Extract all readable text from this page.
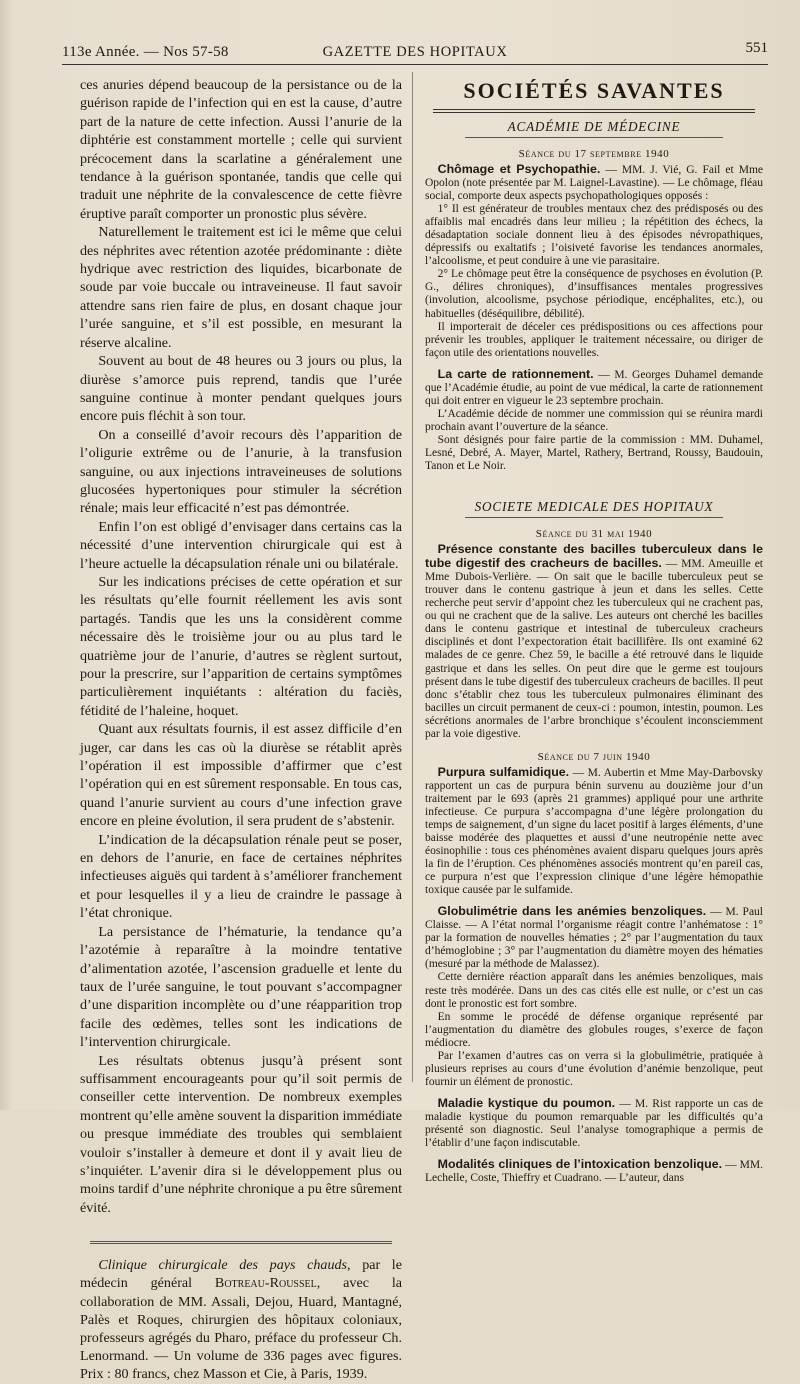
113e Année. — Nos 57-58	GAZETTE DES HOPITAUX	551

ces anuries dépend beaucoup de la persistance ou de la guérison rapide de l’infection qui en est la cause, d’autre part de la nature de cette infection. Aussi l’anurie de la diphtérie est constamment mortelle ; celle qui survient précocement dans la scarlatine a généralement une tendance à la guérison spontanée, tandis que celle qui traduit une néphrite de la convalescence de cette fièvre éruptive paraît comporter un pronostic plus sévère.

Naturellement le traitement est ici le même que celui des néphrites avec rétention azotée prédominante : diète hydrique avec restriction des liquides, bicarbonate de soude par voie buccale ou intraveineuse. Il faut savoir attendre sans rien faire de plus, en dosant chaque jour l’urée sanguine, et s’il est possible, en mesurant la réserve alcaline.

Souvent au bout de 48 heures ou 3 jours ou plus, la diurèse s’amorce puis reprend, tandis que l’urée sanguine continue à monter pendant quelques jours encore puis fléchit à son tour.

On a conseillé d’avoir recours dès l’apparition de l’oligurie extrême ou de l’anurie, à la transfusion sanguine, ou aux injections intraveineuses de solutions glucosées hypertoniques pour stimuler la sécrétion rénale; mais leur efficacité n’est pas démontrée.

Enfin l’on est obligé d’envisager dans certains cas la nécessité d’une intervention chirurgicale qui est à l’heure actuelle la décapsulation rénale uni ou bilatérale.

Sur les indications précises de cette opération et sur les résultats qu’elle fournit réellement les avis sont partagés. Tandis que les uns la considèrent comme nécessaire dès le troisième jour ou au plus tard le quatrième jour de l’anurie, d’autres se règlent surtout, pour la prescrire, sur l’apparition de certains symptômes particulièrement inquiétants : altération du faciès, fétidité de l’haleine, hoquet.

Quant aux résultats fournis, il est assez difficile d’en juger, car dans les cas où la diurèse se rétablit après l’opération il est impossible d’affirmer que c’est l’opération qui en est sûrement responsable. En tous cas, quand l’anurie survient au cours d’une infection grave encore en pleine évolution, il sera prudent de s’abstenir.

L’indication de la décapsulation rénale peut se poser, en dehors de l’anurie, en face de certaines néphrites infectieuses aiguës qui tardent à s’améliorer franchement et pour lesquelles il y a lieu de craindre le passage à l’état chronique.

La persistance de l’hématurie, la tendance qu’a l’azotémie à reparaître à la moindre tentative d’alimentation azotée, l’ascension graduelle et lente du taux de l’urée sanguine, le tout pouvant s’accompagner d’une disparition incomplète ou d’une réapparition trop facile des œdèmes, telles sont les indications de l’intervention chirurgicale.

Les résultats obtenus jusqu’à présent sont suffisamment encourageants pour qu’il soit permis de conseiller cette intervention. De nombreux exemples montrent qu’elle amène souvent la disparition immédiate ou presque immédiate des troubles qui semblaient vouloir s’installer à demeure et dont il y avait lieu de s’inquiéter. L’avenir dira si le développement plus ou moins tardif d’une néphrite chronique a pu être sûrement évité.

Clinique chirurgicale des pays chauds, par le médecin général Botreau-Roussel, avec la collaboration de MM. Assali, Dejou, Huard, Mantagné, Palès et Roques, chirurgien des hôpitaux coloniaux, professeurs agrégés du Pharo, préface du professeur Ch. Lenormand. — Un volume de 336 pages avec figures. Prix : 80 francs, chez Masson et Cie, à Paris, 1939.

SOCIÉTÉS SAVANTES
ACADÉMIE DE MÉDECINE
Séance du 17 septembre 1940

Chômage et Psychopathie. — MM. J. Vié, G. Fail et Mme Opolon (note présentée par M. Laignel-Lavastine). — Le chômage, fléau social, comporte deux aspects psychopathologiques opposés :

1° Il est générateur de troubles mentaux chez des prédisposés ou des affaiblis mal encadrés dans leur milieu ; la répétition des échecs, la désadaptation sociale donnent lieu à des épisodes névropathiques, dépressifs ou exaltatifs ; l’oisiveté favorise les tendances anormales, l’alcoolisme, et peut conduire à une vie parasitaire.

2° Le chômage peut être la conséquence de psychoses en évolution (P. G., délires chroniques), d’insuffisances mentales progressives (involution, alcoolisme, psychose périodique, encéphalites, etc.), ou habituelles (déséquilibre, débilité).

Il importerait de déceler ces prédispositions ou ces affections pour prévenir les troubles, appliquer le traitement nécessaire, ou diriger de façon utile des orientations nouvelles.

La carte de rationnement. — M. Georges Duhamel demande que l’Académie étudie, au point de vue médical, la carte de rationnement qui doit entrer en vigueur le 23 septembre prochain.

L’Académie décide de nommer une commission qui se réunira mardi prochain avant l’ouverture de la séance.

Sont désignés pour faire partie de la commission : MM. Duhamel, Lesné, Debré, A. Mayer, Martel, Rathery, Bertrand, Roussy, Baudouin, Tanon et Le Noir.

SOCIETE MEDICALE DES HOPITAUX
Séance du 31 mai 1940

Présence constante des bacilles tuberculeux dans le tube digestif des cracheurs de bacilles. — MM. Ameuille et Mme Dubois-Verlière. — On sait que le bacille tuberculeux peut se trouver dans le contenu gastrique à jeun et dans les selles. Cette recherche peut servir d’appoint chez les tuberculeux qui ne crachent pas, ou qui ne crachent que de la salive. Les auteurs ont cherché les bacilles dans le contenu gastrique et intestinal de tuberculeux cracheurs disciplinés et dont l’expectoration était bacillifère. Ils ont examiné 62 malades de ce genre. Chez 59, le bacille a été retrouvé dans le liquide gastrique et dans les selles. On peut dire que le germe est toujours présent dans le tube digestif des tuberculeux cracheurs de bacilles. Il peut donc s’établir chez tous les tuberculeux pulmonaires éliminant des bacilles un circuit permanent de ceux-ci : poumon, intestin, poumon. Les sécrétions anormales de l’arbre bronchique s’écoulent inconsciemment par la voie digestive.

Séance du 7 juin 1940

Purpura sulfamidique. — M. Aubertin et Mme May-Darbovsky rapportent un cas de purpura bénin survenu au douzième jour d’un traitement par le 693 (après 21 grammes) appliqué pour une arthrite infectieuse. Ce purpura s’accompagna d’une légère prolongation du temps de saignement, d’un signe du lacet positif à larges éléments, d’une baisse modérée des plaquettes et aussi d’une neutropénie nette avec éosinophilie : tous ces phénomènes avaient disparu quelques jours après la fin de l’éruption. Ces phénomènes associés montrent qu’en pareil cas, ce purpura n’est que l’expression clinique d’une légère hémopathie toxique causée par le sulfamide.

Globulimétrie dans les anémies benzoliques. — M. Paul Claisse. — A l’état normal l’organisme réagit contre l’anhématose : 1° par la formation de nouvelles hématies ; 2° par l’augmentation du taux d’hémoglobine ; 3° par l’augmentation du diamètre moyen des hématies (mesuré par la méthode de Malassez).

Cette dernière réaction apparaît dans les anémies benzoliques, mais reste très modérée. Dans un des cas cités elle est nulle, or c’est un cas dont le pronostic est fort sombre.

En somme le procédé de défense organique représenté par l’augmentation du diamètre des globules rouges, s’exerce de façon médiocre.

Par l’examen d’autres cas on verra si la globulimétrie, pratiquée à plusieurs reprises au cours d’une évolution d’anémie benzolique, peut fournir un élément de pronostic.

Maladie kystique du poumon. — M. Rist rapporte un cas de maladie kystique du poumon remarquable par les difficultés qu’a présenté son diagnostic. Seul l’analyse tomographique a permis de l’établir d’une façon indiscutable.

Modalités cliniques de l’intoxication benzolique. — MM. Lechelle, Coste, Thieffry et Cuadrano. — L’auteur, dans
